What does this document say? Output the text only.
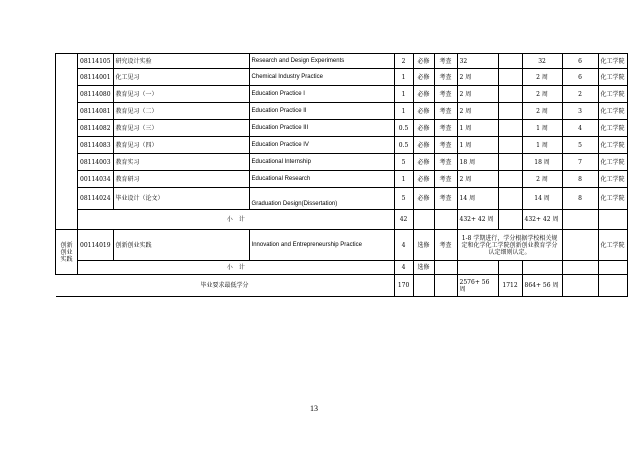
	08114105	研究设计实验	Research and Design Experiments	2	必修	考查	32		32	6	化工学院
	08114001	化工见习	Chemical Industry Practice	1	必修	考查	2 周		2 周	6	化工学院
	08114080	教育见习（一）	Education Practice I	1	必修	考查	2 周		2 周	2	化工学院
	08114081	教育见习（二）	Education Practice II	1	必修	考查	2 周		2 周	3	化工学院
	08114082	教育见习（三）	Education Practice III	0.5	必修	考查	1 周		1 周	4	化工学院
	08114083	教育见习（四）	Education Practice IV	0.5	必修	考查	1 周		1 周	5	化工学院
	08114003	教育实习	Educational Internship	5	必修	考查	18 周		18 周	7	化工学院
	00114034	教育研习	Educational Research	1	必修	考查	2 周		2 周	8	化工学院
	08114024	毕业设计（论文）	Graduation Design(Dissertation)	5	必修	考查	14 周		14 周	8	化工学院
	小　计			42			432+ 42 周		432+ 42 周		
创新创业实践	00114019	创新创业实践	Innovation and Entrepreneurship Practice	4	选修	考查	1-8 学期进行，学分根据学校相关规定和化学化工学院创新创业教育学分认定细则认定。				化工学院
	小　计			4	选修						
毕业要求最低学分				170			2576+ 56 周	1712	864+ 56 周		
13
